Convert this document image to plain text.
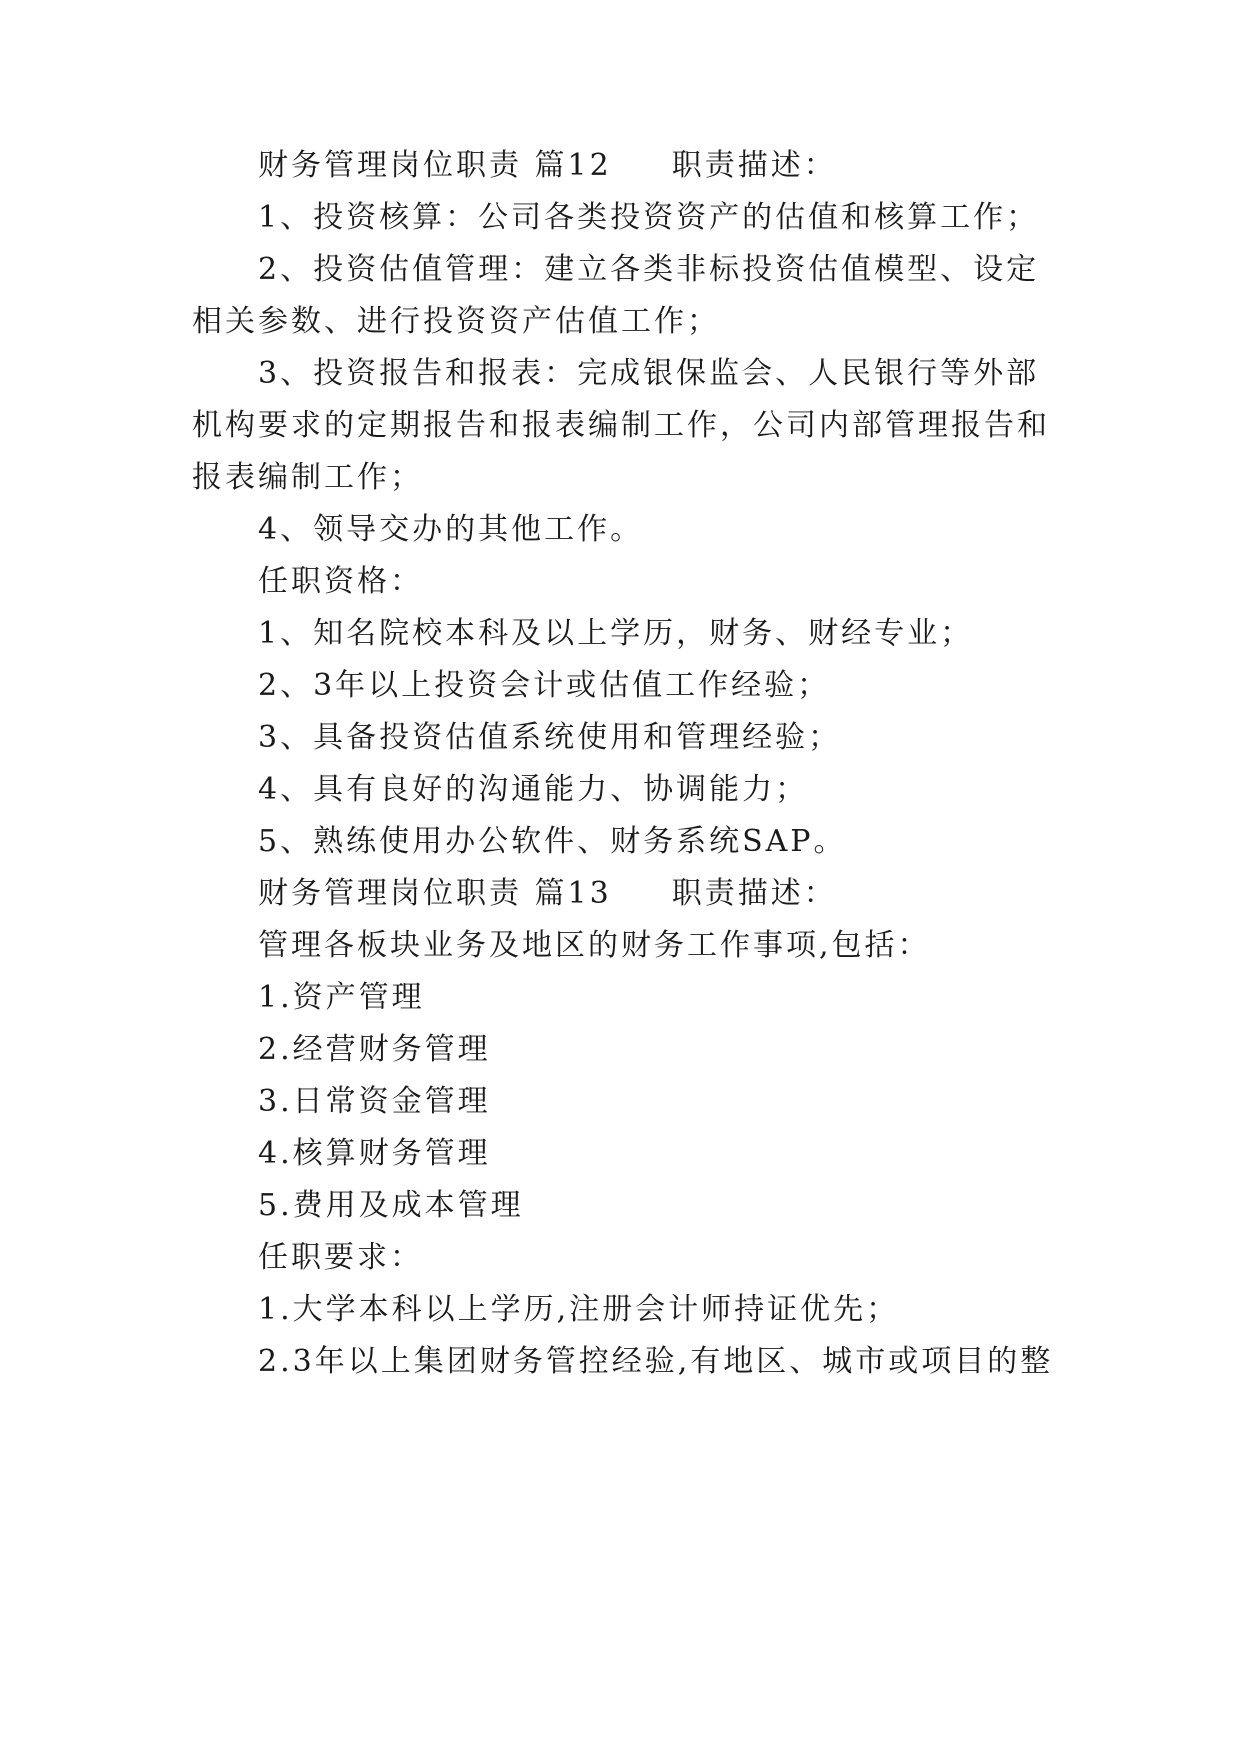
财务管理岗位职责 篇12 职责描述：
1、投资核算：公司各类投资资产的估值和核算工作；
2、投资估值管理：建立各类非标投资估值模型、设定
相关参数、进行投资资产估值工作；
3、投资报告和报表：完成银保监会、人民银行等外部
机构要求的定期报告和报表编制工作，公司内部管理报告和
报表编制工作；
4、领导交办的其他工作。
任职资格：
1、知名院校本科及以上学历，财务、财经专业；
2、3年以上投资会计或估值工作经验；
3、具备投资估值系统使用和管理经验；
4、具有良好的沟通能力、协调能力；
5、熟练使用办公软件、财务系统SAP。
财务管理岗位职责 篇13 职责描述：
管理各板块业务及地区的财务工作事项,包括：
1.资产管理
2.经营财务管理
3.日常资金管理
4.核算财务管理
5.费用及成本管理
任职要求：
1.大学本科以上学历,注册会计师持证优先；
2.3年以上集团财务管控经验,有地区、城市或项目的整
